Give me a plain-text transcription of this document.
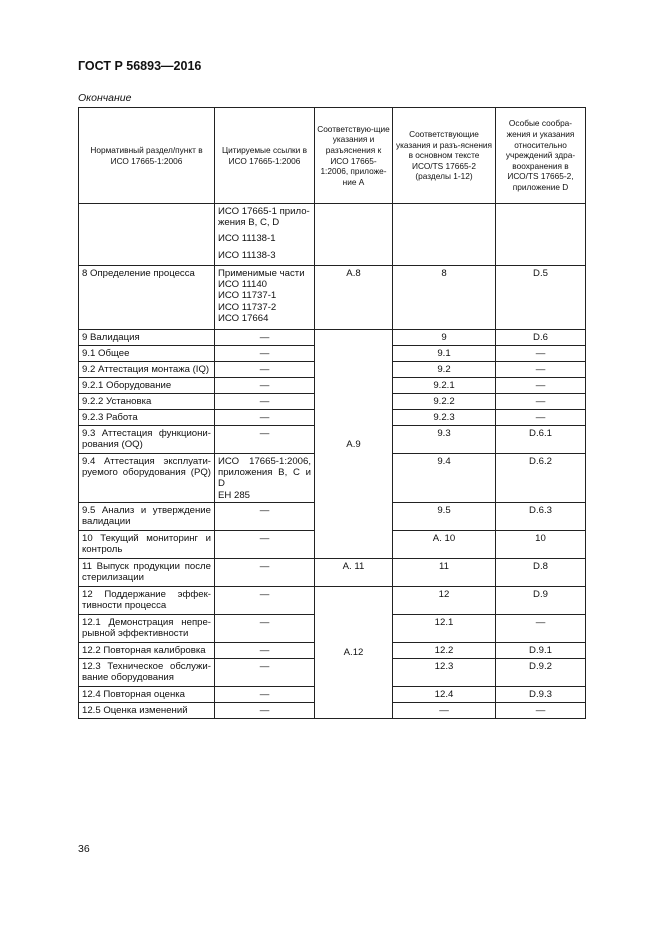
ГОСТ Р 56893—2016
Окончание
Нормативный раздел/пункт в ИСО 17665-1:2006	Цитируемые ссылки в ИСО 17665-1:2006	Соответствую-щие указания и разъяснения к ИСО 17665-1:2006, приложе-ние А	Соответствующие указания и разъ-яснения в основном тексте ИСО/TS 17665-2 (разделы 1-12)	Особые сообра-жения и указания относительно учреждений здра-воохранения в ИСО/TS 17665-2, приложение D	

	ИСО 17665-1 прило-жения В, С, D
ИСО 11138-1
ИСО 11138-3				

8 Определение процесса	Применимые части
ИСО 11140
ИСО 11737-1
ИСО 11737-2
ИСО 17664	A.8	8	D.5	
9 Валидация	—	A.9	9	D.6	
9.1 Общее	—		9.1	—	
9.2 Аттестация монтажа (IQ)	—		9.2	—	
9.2.1 Оборудование	—		9.2.1	—	
9.2.2 Установка	—		9.2.2	—	
9.2.3 Работа	—		9.2.3	—	

9.3 Аттестация функциони-
рования (OQ)	—		9.3	D.6.1	

9.4 Аттестация эксплуати-
руемого оборудования (PQ)	ИСО 17665-1:2006,
приложения В, С и D
ЕН 285		9.4	D.6.2	

9.5 Анализ и утверждение
валидации	—		9.5	D.6.3	

10 Текущий мониторинг и
контроль	—		A. 10	10	

11 Выпуск продукции после
стерилизации	—	A. 11	11	D.8	

12 Поддержание эффек-
тивности процесса	—	A.12	12	D.9	

12.1 Демонстрация непре-
рывной эффективности	—		12.1	—	
12.2 Повторная калибровка	—		12.2	D.9.1	

12.3 Техническое обслужи-
вание оборудования	—		12.3	D.9.2	
12.4 Повторная оценка	—		12.4	D.9.3	
12.5 Оценка изменений	—		—	—	
36
